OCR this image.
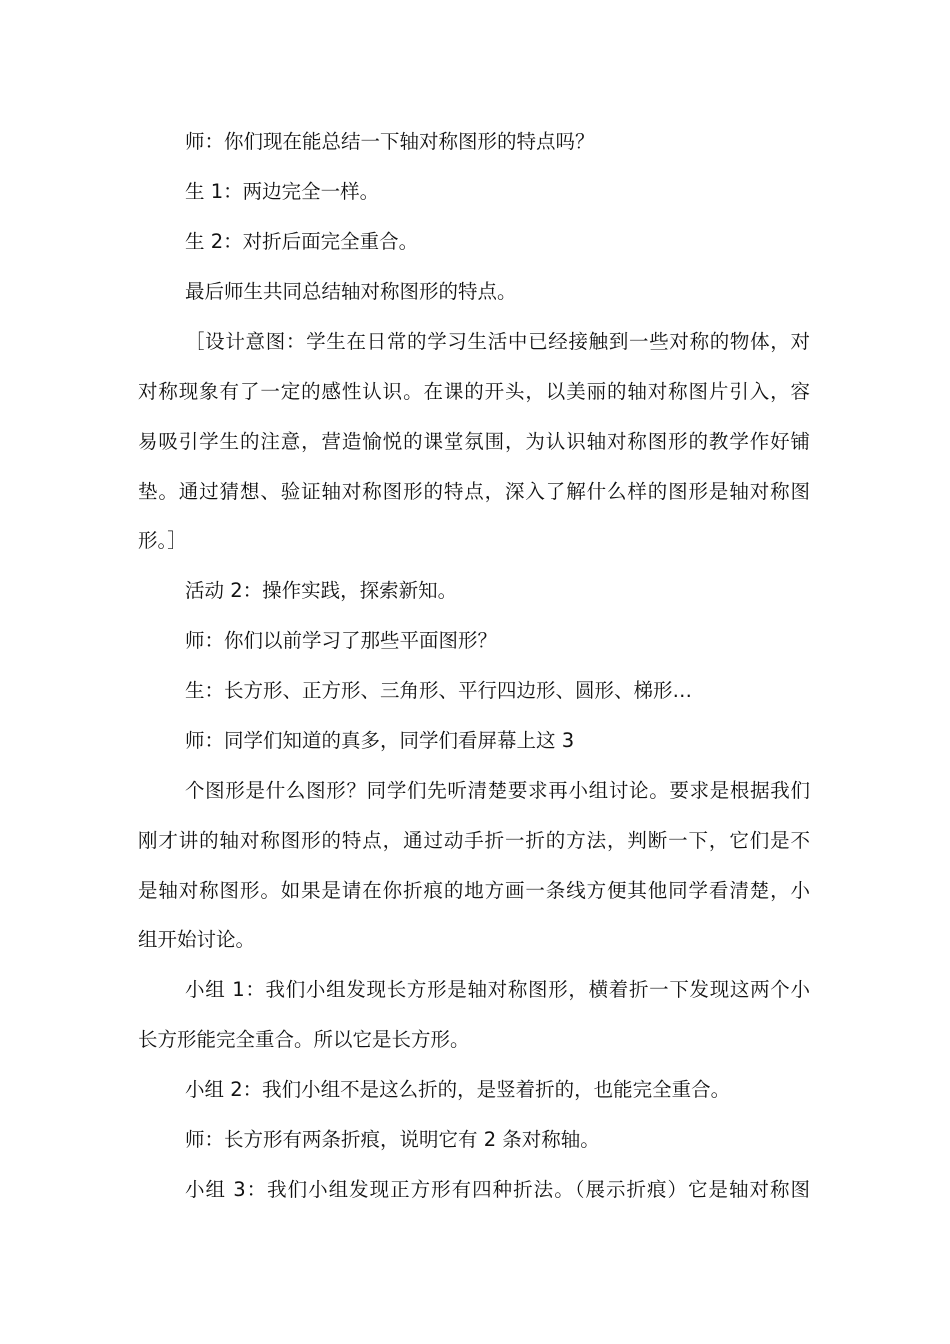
师：你们现在能总结一下轴对称图形的特点吗？
生 1：两边完全一样。
生 2：对折后面完全重合。
最后师生共同总结轴对称图形的特点。
［设计意图：学生在日常的学习生活中已经接触到一些对称的物体，对
对称现象有了一定的感性认识。在课的开头，以美丽的轴对称图片引入，容
易吸引学生的注意，营造愉悦的课堂氛围，为认识轴对称图形的教学作好铺
垫。通过猜想、验证轴对称图形的特点，深入了解什么样的图形是轴对称图
形。］
活动 2：操作实践，探索新知。
师：你们以前学习了那些平面图形？
生：长方形、正方形、三角形、平行四边形、圆形、梯形…
师：同学们知道的真多，同学们看屏幕上这 3
个图形是什么图形？同学们先听清楚要求再小组讨论。要求是根据我们
刚才讲的轴对称图形的特点，通过动手折一折的方法，判断一下，它们是不
是轴对称图形。如果是请在你折痕的地方画一条线方便其他同学看清楚，小
组开始讨论。
小组 1：我们小组发现长方形是轴对称图形，横着折一下发现这两个小
长方形能完全重合。所以它是长方形。
小组 2：我们小组不是这么折的，是竖着折的，也能完全重合。
师：长方形有两条折痕，说明它有 2 条对称轴。
小组 3：我们小组发现正方形有四种折法。（展示折痕）它是轴对称图
